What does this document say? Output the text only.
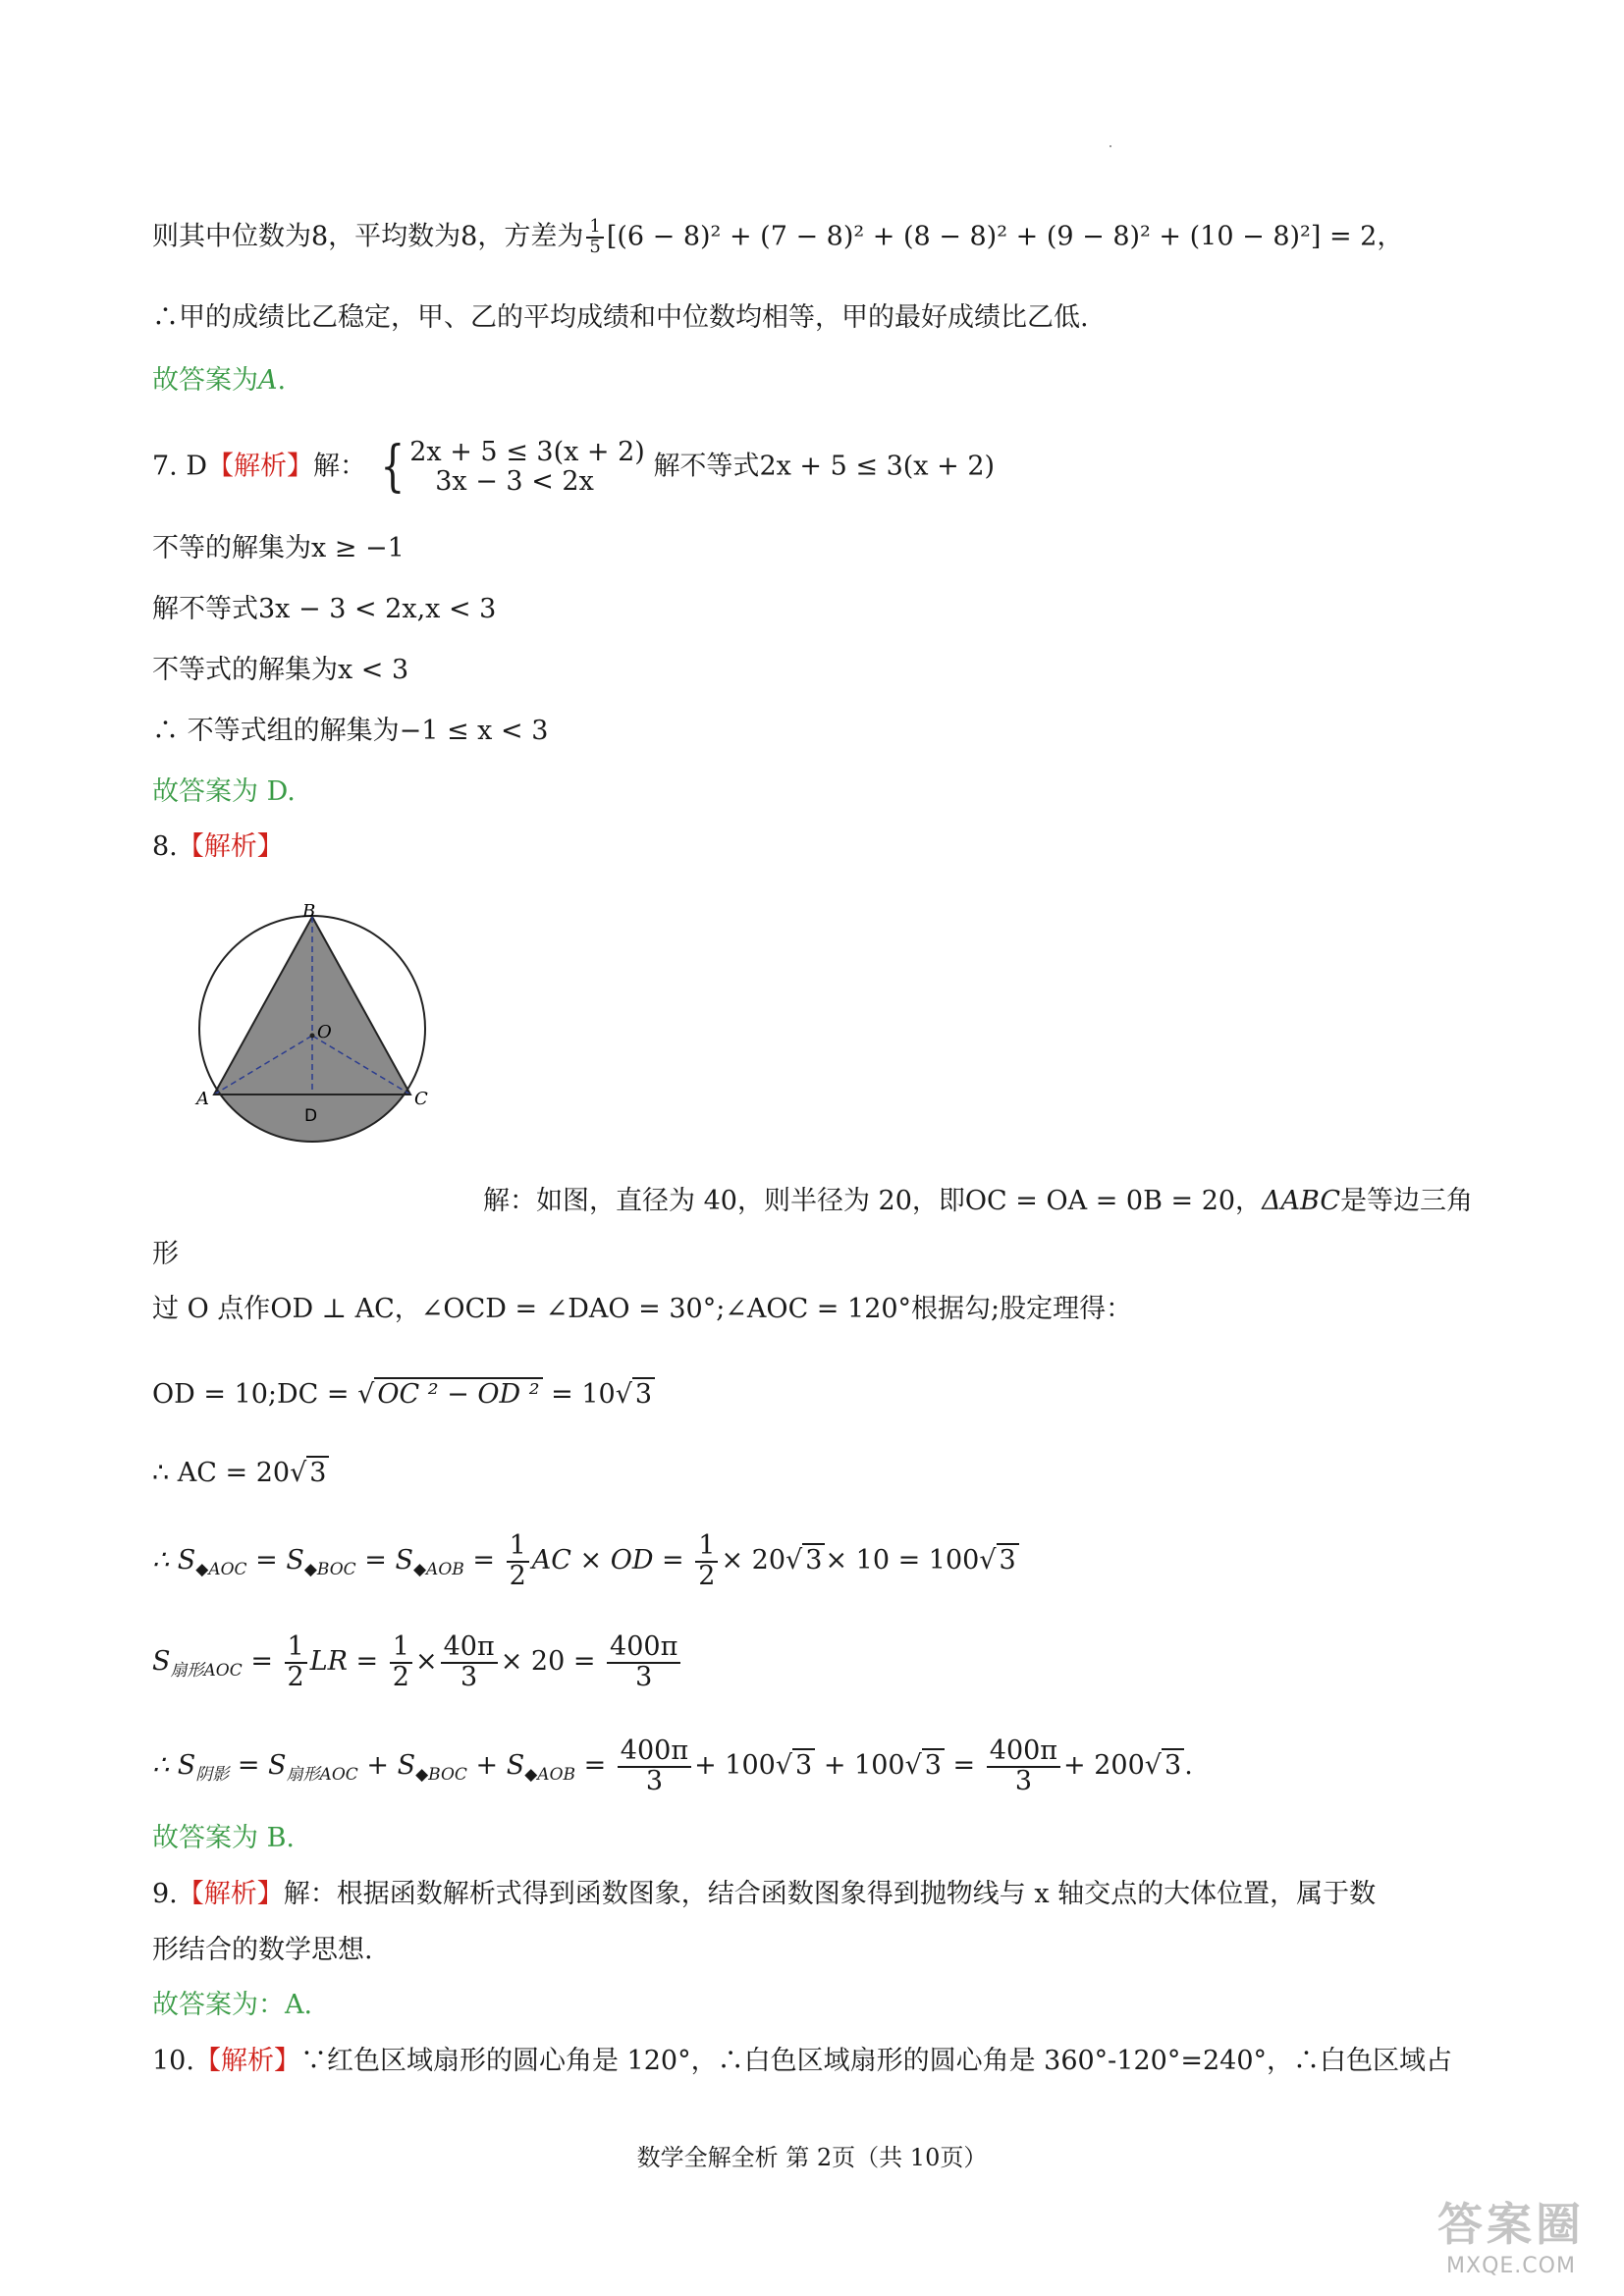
则其中位数为8，平均数为8，方差为 $\frac{1}{5} [(6 - 8)^2 + (7 - 8)^2 + (8 - 8)^2 + (9 - 8)^2 + (10 - 8)^2] = 2$，
∴甲的成绩比乙稳定，甲、乙的平均成绩和中位数均相等，甲的最好成绩比乙低.
故答案为A.
7. D【解析】解： { 2x + 5 ≤ 3(x + 2)
3x − 3 < 2x	解不等式2x + 5 ≤ 3(x + 2)
不等的解集为x ≥ −1
解不等式3x − 3 < 2x,x < 3
不等式的解集为x < 3
∴ 不等式组的解集为−1 ≤ x < 3
故答案为 D.
8.【解析】
B
A	C
O
D
解：如图，直径为 40，则半径为 20，即OC = OA = 0B = 20，ΔABC是等边三角
形
过 O 点作OD ⊥ AC，∠OCD = ∠DAO = 30°;∠AOC = 120°根据勾;股定理得：
OD = 10;DC = √ OC ² − OD ² = 10√ 3
∴ AC = 20√ 3
∴ $S_{◆AOC} = S_{◆BOC} = S_{◆AOB} = \frac{1}{2}$ AC × OD = $\frac{1}{2} \times 20√$ 3 × 10 = 100√ 3
$S_{扇形AOC} = \frac{1}{2}$ LR = $\frac{1}{2} \times \frac{40\pi}{3} \times 20 = \frac{400\pi}{3}$
∴ $S_{阴影} = S_{扇形AOC} + S_{◆BOC} + S_{◆AOB} = \frac{400\pi}{3} + 100√$ 3 + 100√ $3 = \frac{400\pi}{3} + 200√$ 3 .
故答案为 B.
9.【解析】解：根据函数解析式得到函数图象，结合函数图象得到抛物线与 x 轴交点的大体位置，属于数
形结合的数学思想.
故答案为：A.
10.【解析】∵红色区域扇形的圆心角是 120°，∴白色区域扇形的圆心角是 360°-120°=240°，∴白色区域占
数学全解全析 第 2页（共 10页）
答案圈
MXQE.COM
